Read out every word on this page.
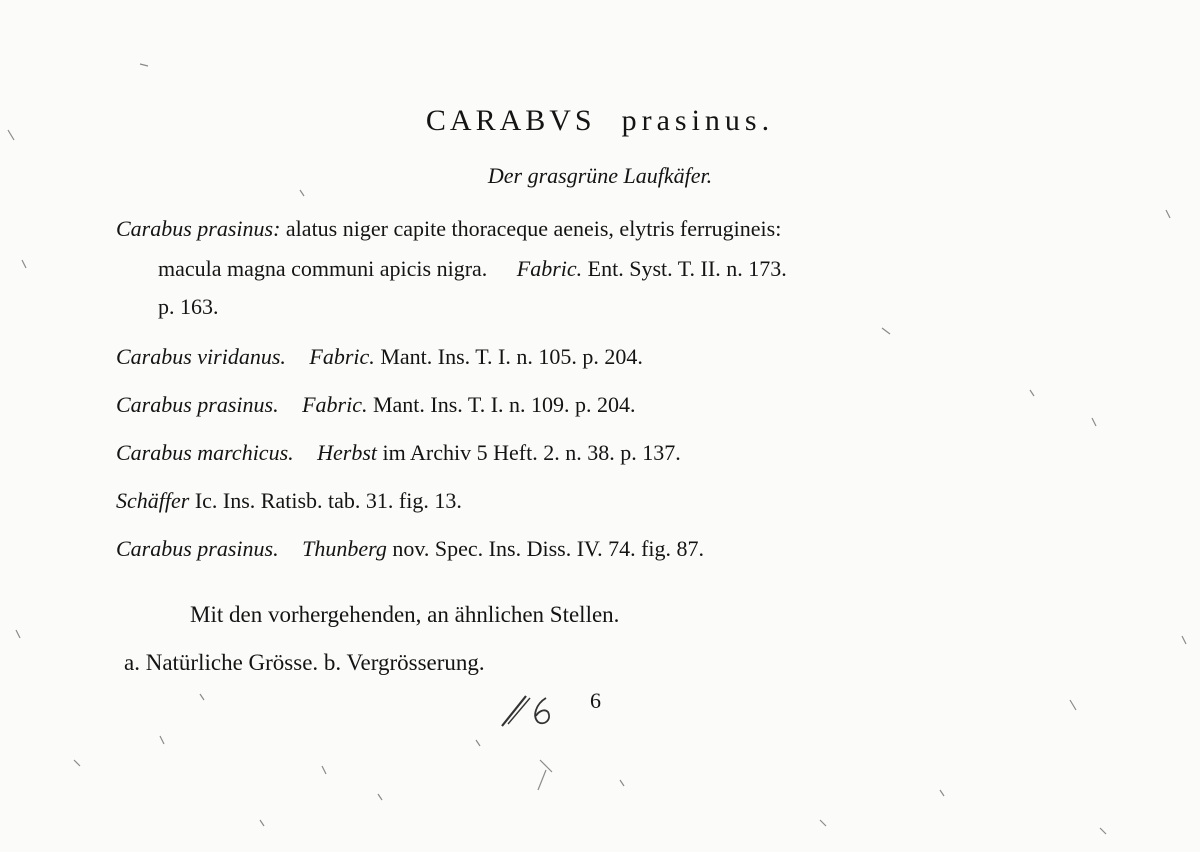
CARABVS prasinus.
Der grasgrüne Laufkäfer.
Carabus prasinus: alatus niger capite thoraceque aeneis, elytris ferrugineis:
macula magna communi apicis nigra. Fabric. Ent. Syst. T. II. n. 173.
p. 163.
Carabus viridanus. Fabric. Mant. Ins. T. I. n. 105. p. 204.
Carabus prasinus. Fabric. Mant. Ins. T. I. n. 109. p. 204.
Carabus marchicus. Herbst im Archiv 5 Heft. 2. n. 38. p. 137.
Schäffer Ic. Ins. Ratisb. tab. 31. fig. 13.
Carabus prasinus. Thunberg nov. Spec. Ins. Diss. IV. 74. fig. 87.
Mit den vorhergehenden, an ähnlichen Stellen.
a. Natürliche Grösse. b. Vergrösserung.
6
